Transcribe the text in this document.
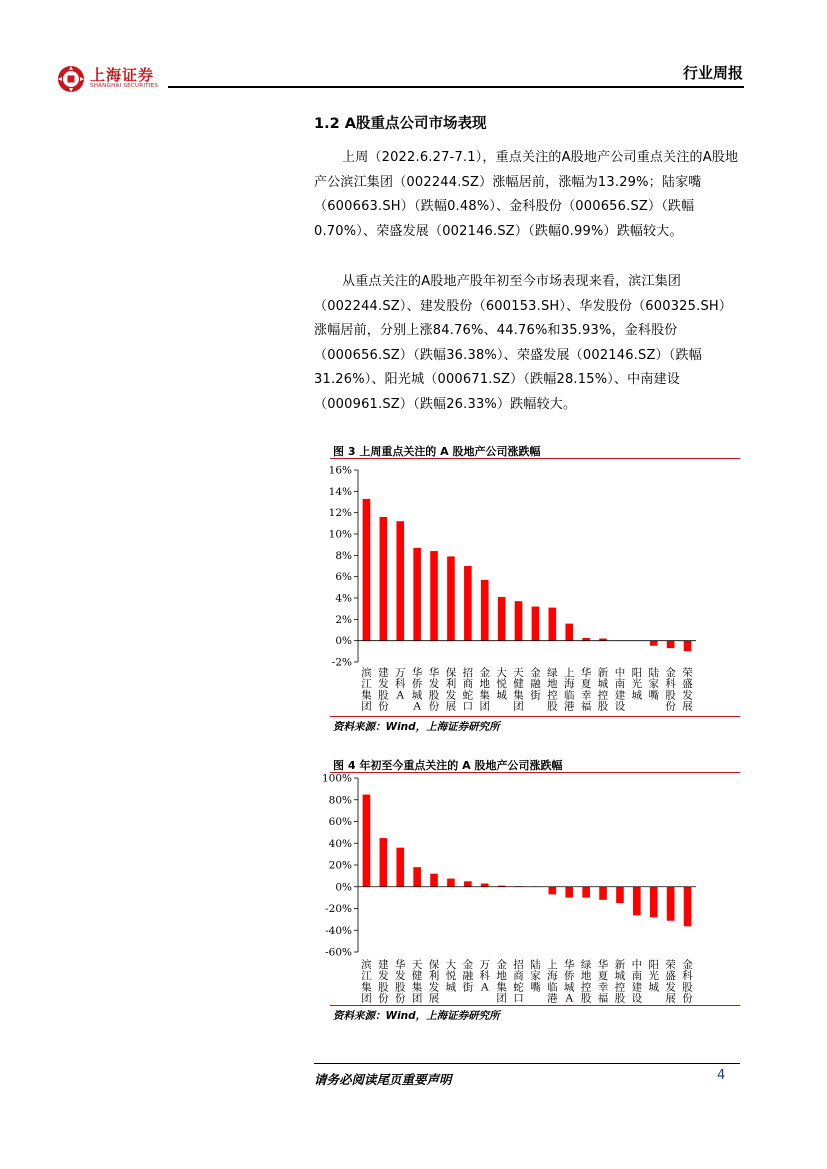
上海证券
SHANGHAI SECURITIES
行业周报
1.2 A股重点公司市场表现

上周（2022.6.27-7.1），重点关注的A股地产公司重点关注的A股地产公滨江集团（002244.SZ）涨幅居前，涨幅为13.29%；陆家嘴（600663.SH）（跌幅0.48%）、金科股份（000656.SZ）（跌幅0.70%）、荣盛发展（002146.SZ）（跌幅0.99%）跌幅较大。

从重点关注的A股地产股年初至今市场表现来看，滨江集团（002244.SZ）、建发股份（600153.SH）、华发股份（600325.SH）涨幅居前，分别上涨84.76%、44.76%和35.93%，金科股份（000656.SZ）（跌幅36.38%）、荣盛发展（002146.SZ）（跌幅31.26%）、阳光城（000671.SZ）（跌幅28.15%）、中南建设（000961.SZ）（跌幅26.33%）跌幅较大。

图 3 上周重点关注的 A 股地产公司涨跌幅
16%
14%
12%
10%
8%
6%
4%
2%
0%
-2%
滨江集团
建发股份
万科 A
华侨城 A
华发股份
保利发展
招商蛇口
金地集团
大悦城
天健集团
金融街
绿地控股
上海临港
华夏幸福
新城控股
中南建设
阳光城
陆家嘴
金科股份
荣盛发展
资料来源：Wind，上海证券研究所
图 4 年初至今重点关注的 A 股地产公司涨跌幅
100%
80%
60%
40%
20%
0%
-20%
-40%
-60%
滨江集团
建发股份
华发股份
天健集团
保利发展
大悦城
金融街
万科 A
金地集团
招商蛇口
陆家嘴
上海临港
华侨城 A
绿地控股
华夏幸福
新城控股
中南建设
阳光城
荣盛发展
金科股份
资料来源：Wind，上海证券研究所
请务必阅读尾页重要声明	4
